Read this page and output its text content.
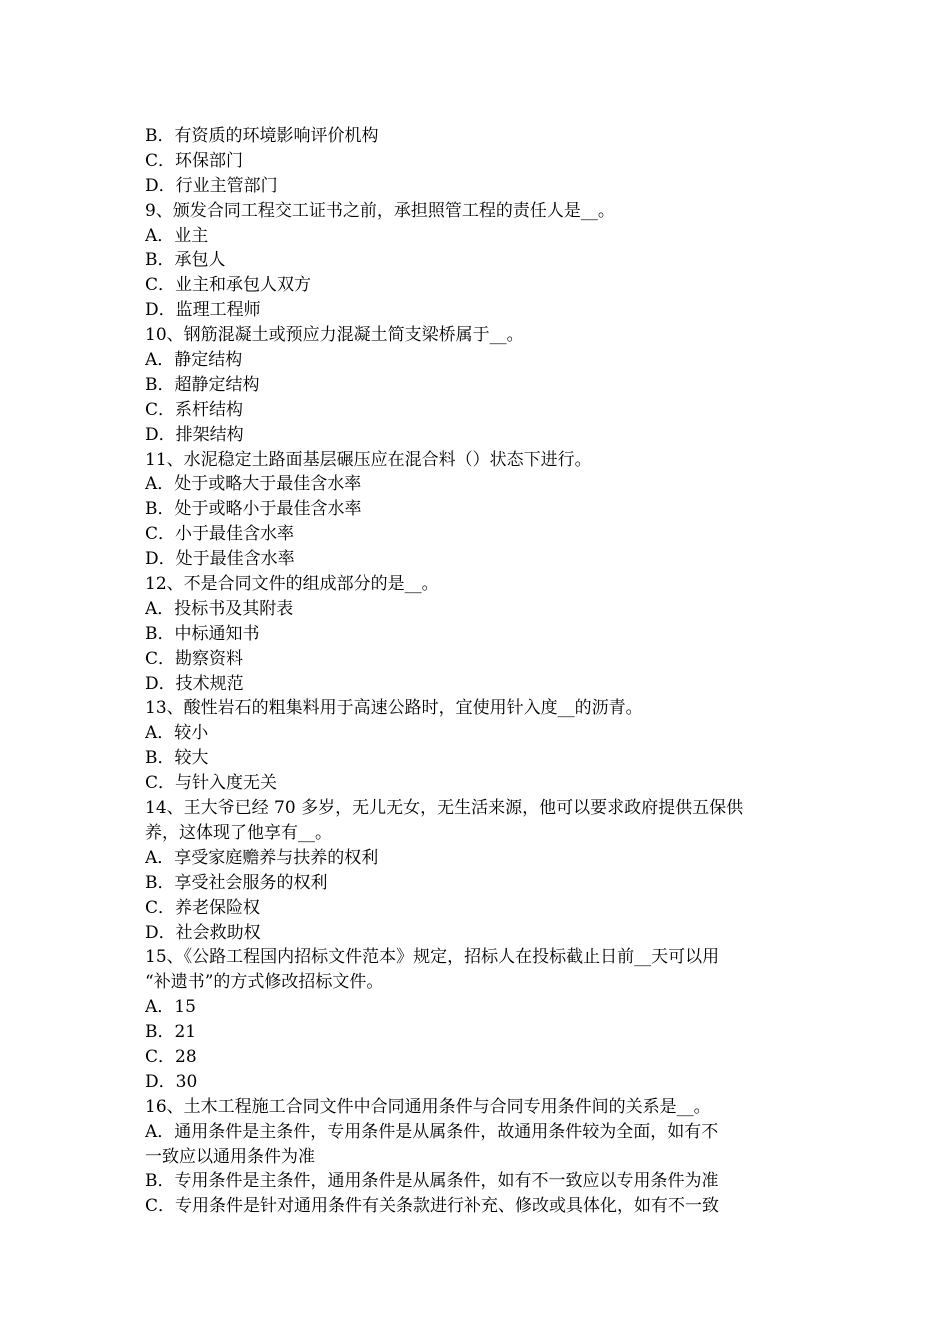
B．有资质的环境影响评价机构
C．环保部门
D．行业主管部门
9、颁发合同工程交工证书之前，承担照管工程的责任人是__。
A．业主
B．承包人
C．业主和承包人双方
D．监理工程师
10、钢筋混凝土或预应力混凝土简支梁桥属于__。
A．静定结构
B．超静定结构
C．系杆结构
D．排架结构
11、水泥稳定土路面基层碾压应在混合料（）状态下进行。
A．处于或略大于最佳含水率
B．处于或略小于最佳含水率
C．小于最佳含水率
D．处于最佳含水率
12、不是合同文件的组成部分的是__。
A．投标书及其附表
B．中标通知书
C．勘察资料
D．技术规范
13、酸性岩石的粗集料用于高速公路时，宜使用针入度__的沥青。
A．较小
B．较大
C．与针入度无关
14、王大爷已经 70 多岁，无儿无女，无生活来源，他可以要求政府提供五保供
养，这体现了他享有__。
A．享受家庭赡养与扶养的权利
B．享受社会服务的权利
C．养老保险权
D．社会救助权
15、《公路工程国内招标文件范本》规定，招标人在投标截止日前__天可以用
“补遗书”的方式修改招标文件。
A．15
B．21
C．28
D．30
16、土木工程施工合同文件中合同通用条件与合同专用条件间的关系是__。
A．通用条件是主条件，专用条件是从属条件，故通用条件较为全面，如有不
一致应以通用条件为准
B．专用条件是主条件，通用条件是从属条件，如有不一致应以专用条件为准
C．专用条件是针对通用条件有关条款进行补充、修改或具体化，如有不一致
